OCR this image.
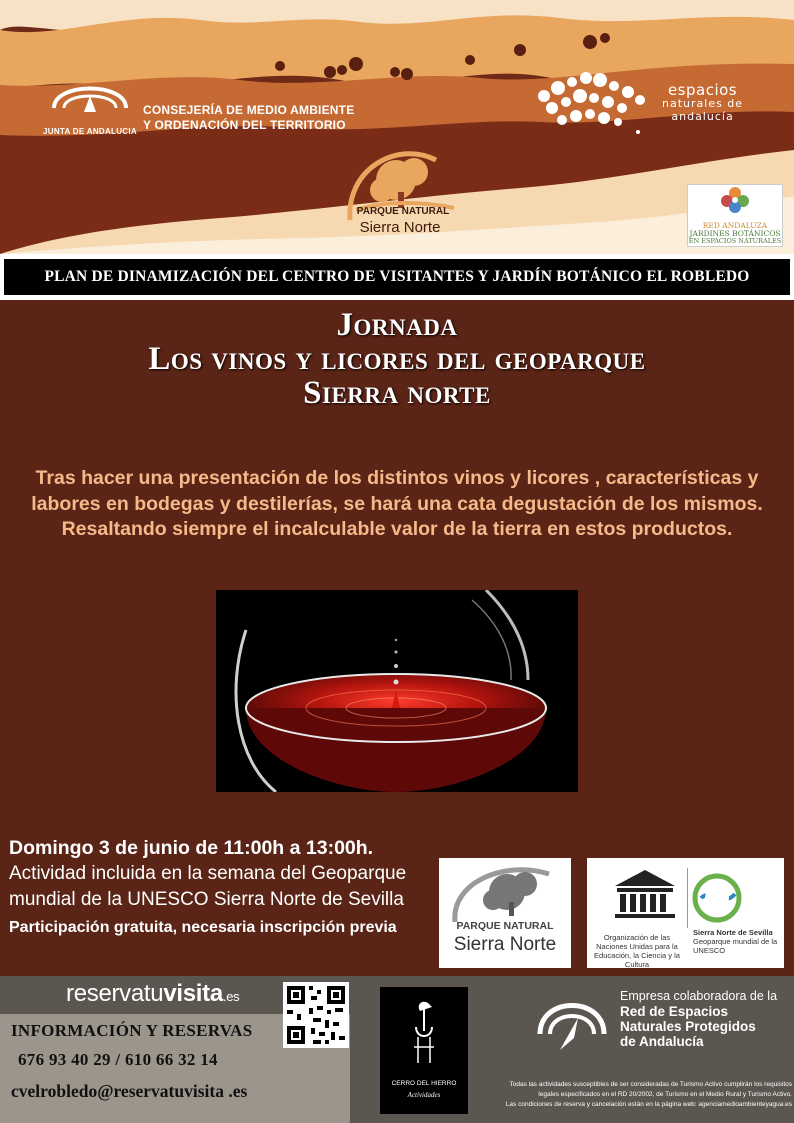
JUNTA DE ANDALUCIA
CONSEJERÍA DE MEDIO AMBIENTE
Y ORDENACIÓN DEL TERRITORIO
espacios
naturales de
andalucía
PARQUE NATURAL
Sierra Norte	RED ANDALUZA
JARDINES BOTÁNICOS
EN ESPACIOS NATURALES
PLAN DE DINAMIZACIÓN DEL CENTRO DE VISITANTES Y JARDÍN BOTÁNICO EL ROBLEDO
Jornada
Los vinos y licores del geoparque
Sierra norte
Tras hacer una presentación de los distintos vinos y licores , características y labores en bodegas y destilerías, se hará una cata degustación de los mismos. Resaltando siempre el incalculable valor de la tierra en estos productos.
Domingo 3 de junio de 11:00h a 13:00h.
Actividad incluida en la semana del Geoparque mundial de la UNESCO Sierra Norte de Sevilla
Participación gratuita, necesaria inscripción previa	PARQUE NATURAL
Sierra Norte	Organización de las Naciones Unidas para la Educación, la Ciencia y la Cultura
Sierra Norte de Sevilla
Geoparque mundial de la UNESCO
reservatuvisita.es
INFORMACIÓN Y RESERVAS
676 93 40 29 / 610 66 32 14
cvelrobledo@reservatuvisita .es	CERRO DEL HIERRO
Actividades
Empresa colaboradora de la
Red de Espacios
Naturales Protegidos
de Andalucía
Todas las actividades susceptibles de ser consideradas de Turismo Activo cumplirán los requisitos
legales especificados en el RD 20/2002, de Turismo en el Medio Rural y Turismo Activo.
Las condiciones de reserva y cancelación están en la página web: agenciamedioambienteyagua.es
